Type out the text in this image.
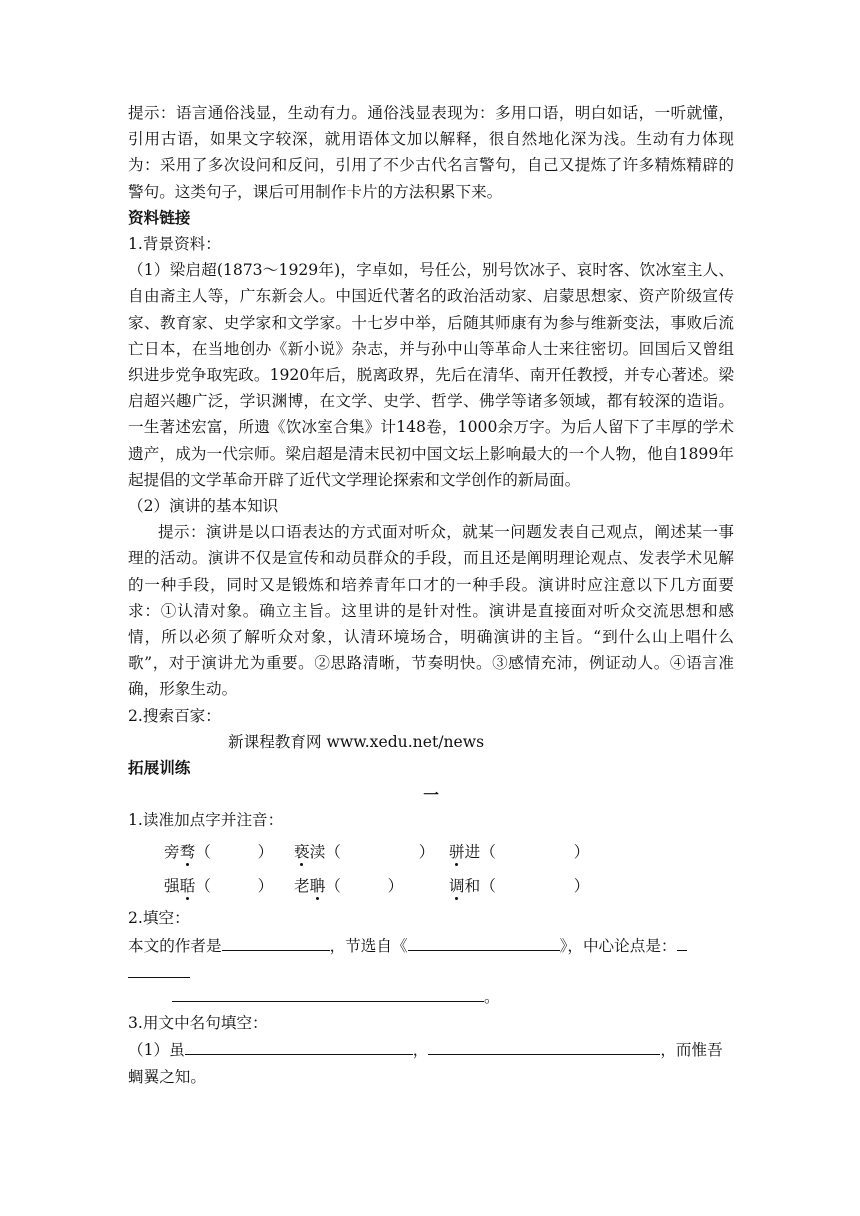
提示：语言通俗浅显，生动有力。通俗浅显表现为：多用口语，明白如话，一听就懂，引用古语，如果文字较深，就用语体文加以解释，很自然地化深为浅。生动有力体现为：采用了多次设问和反问，引用了不少古代名言警句，自己又提炼了许多精炼精辟的警句。这类句子，课后可用制作卡片的方法积累下来。

资料链接

1.背景资料：

（1）梁启超(1873～1929年)，字卓如，号任公，别号饮冰子、哀时客、饮冰室主人、自由斋主人等，广东新会人。中国近代著名的政治活动家、启蒙思想家、资产阶级宣传家、教育家、史学家和文学家。十七岁中举，后随其师康有为参与维新变法，事败后流亡日本，在当地创办《新小说》杂志，并与孙中山等革命人士来往密切。回国后又曾组织进步党争取宪政。1920年后，脱离政界，先后在清华、南开任教授，并专心著述。梁启超兴趣广泛，学识渊博，在文学、史学、哲学、佛学等诸多领域，都有较深的造诣。一生著述宏富，所遗《饮冰室合集》计148卷，1000余万字。为后人留下了丰厚的学术遗产，成为一代宗师。梁启超是清末民初中国文坛上影响最大的一个人物，他自1899年起提倡的文学革命开辟了近代文学理论探索和文学创作的新局面。

（2）演讲的基本知识

提示：演讲是以口语表达的方式面对听众，就某一问题发表自己观点，阐述某一事理的活动。演讲不仅是宣传和动员群众的手段，而且还是阐明理论观点、发表学术见解的一种手段，同时又是锻炼和培养青年口才的一种手段。演讲时应注意以下几方面要求：①认清对象。确立主旨。这里讲的是针对性。演讲是直接面对听众交流思想和感情，所以必须了解听众对象，认清环境场合，明确演讲的主旨。“到什么山上唱什么歌”，对于演讲尤为重要。②思路清晰，节奏明快。③感情充沛，例证动人。④语言准确，形象生动。

2.搜索百家：

新课程教育网 www.xedu.net/news

拓展训练

一

1.读准加点字并注音：

旁骛（　　　）	亵渎（　　　　　） 骈进（　　　　　）
强聒（　　　）	老聃（　　　）	调和（　　　　　）

2.填空：

本文的作者是	，节选自《	》，中心论点是：

。

3.用文中名句填空：

（1）虽	，	，而惟吾

蜩翼之知。
